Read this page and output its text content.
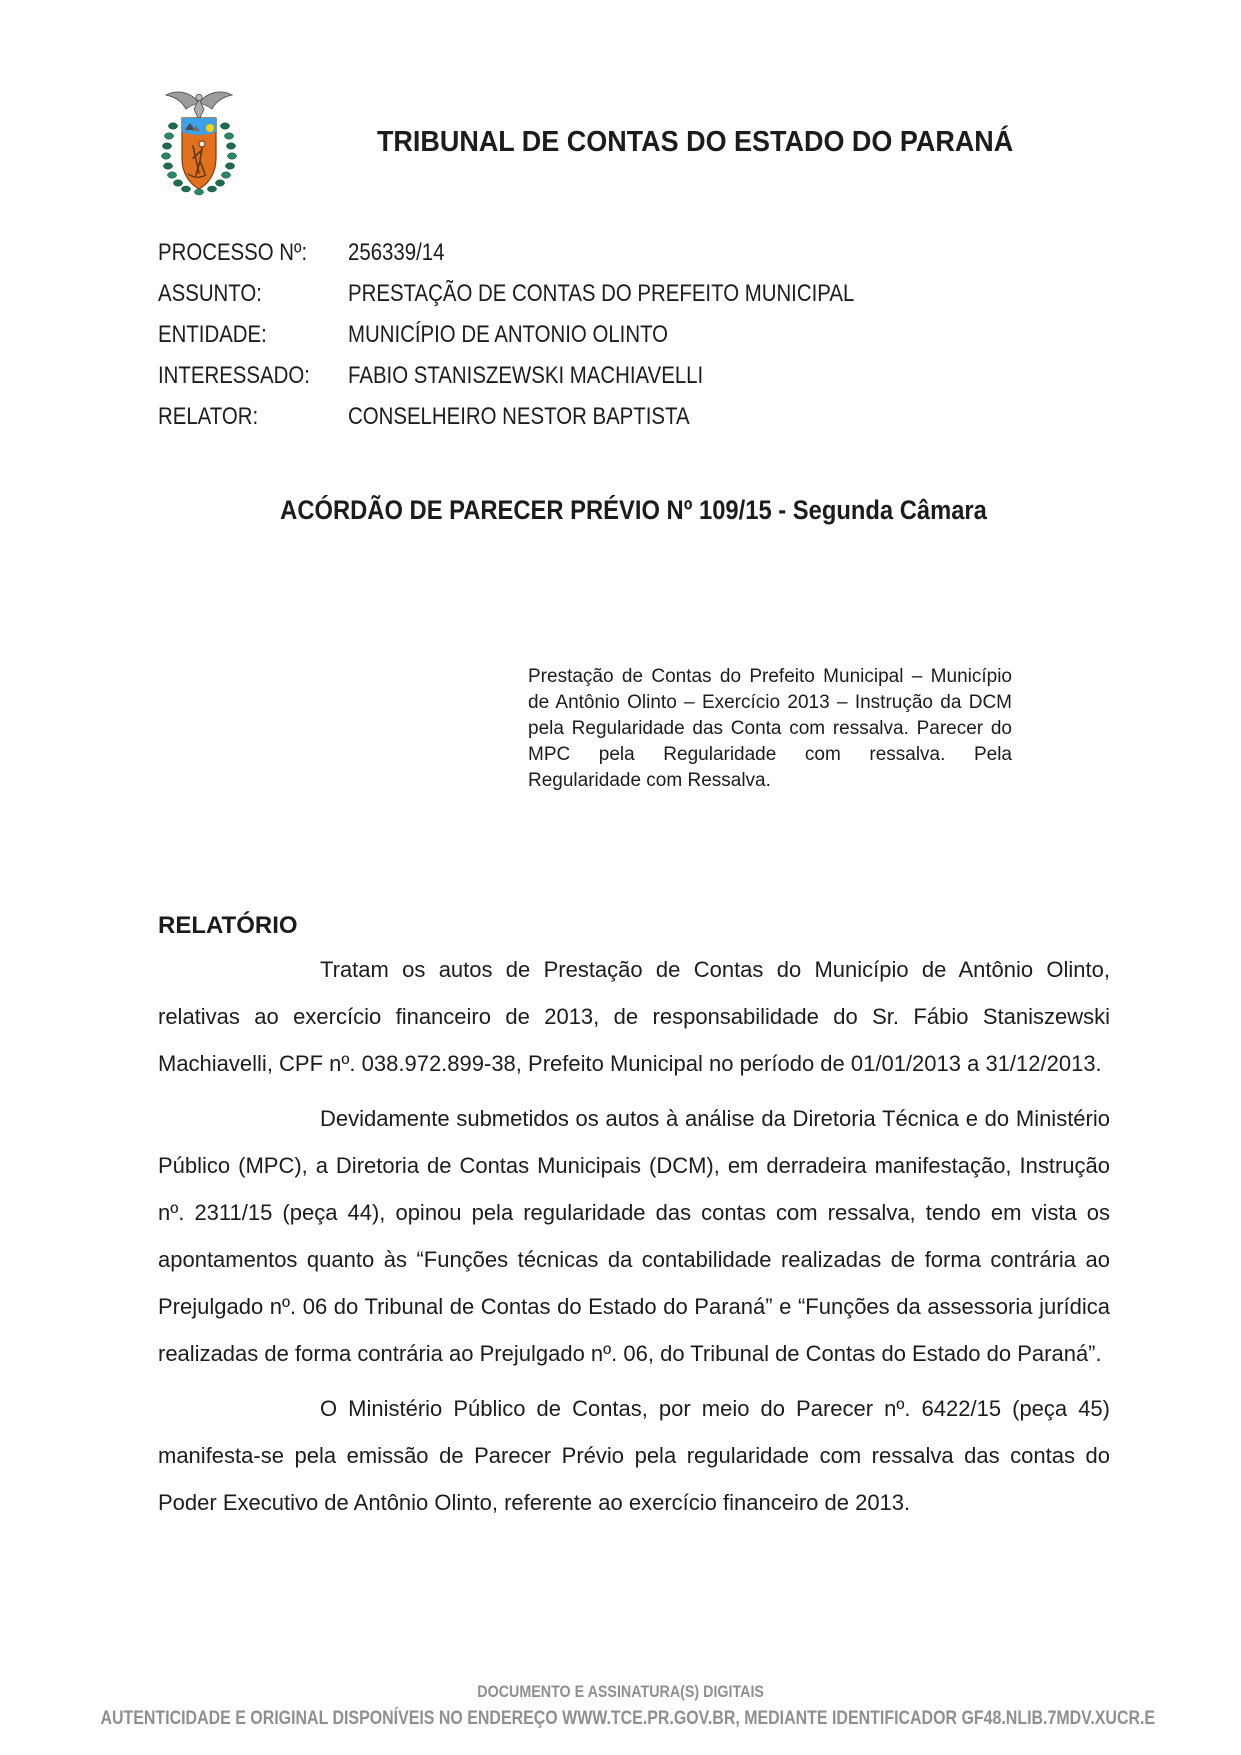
TRIBUNAL DE CONTAS DO ESTADO DO PARANÁ
PROCESSO Nº:	256339/14
ASSUNTO:	PRESTAÇÃO DE CONTAS DO PREFEITO MUNICIPAL
ENTIDADE:	MUNICÍPIO DE ANTONIO OLINTO
INTERESSADO:	FABIO STANISZEWSKI MACHIAVELLI
RELATOR:	CONSELHEIRO NESTOR BAPTISTA
ACÓRDÃO DE PARECER PRÉVIO Nº 109/15 - Segunda Câmara
Prestação de Contas do Prefeito Municipal – Município de Antônio Olinto – Exercício 2013 – Instrução da DCM pela Regularidade das Conta com ressalva. Parecer do MPC pela Regularidade com ressalva. Pela Regularidade com Ressalva.
RELATÓRIO

Tratam os autos de Prestação de Contas do Município de Antônio Olinto, relativas ao exercício financeiro de 2013, de responsabilidade do Sr. Fábio Staniszewski Machiavelli, CPF nº. 038.972.899-38, Prefeito Municipal no período de 01/01/2013 a 31/12/2013.

Devidamente submetidos os autos à análise da Diretoria Técnica e do Ministério Público (MPC), a Diretoria de Contas Municipais (DCM), em derradeira manifestação, Instrução nº. 2311/15 (peça 44), opinou pela regularidade das contas com ressalva, tendo em vista os apontamentos quanto às “Funções técnicas da contabilidade realizadas de forma contrária ao Prejulgado nº. 06 do Tribunal de Contas do Estado do Paraná” e “Funções da assessoria jurídica realizadas de forma contrária ao Prejulgado nº. 06, do Tribunal de Contas do Estado do Paraná”.

O Ministério Público de Contas, por meio do Parecer nº. 6422/15 (peça 45) manifesta-se pela emissão de Parecer Prévio pela regularidade com ressalva das contas do Poder Executivo de Antônio Olinto, referente ao exercício financeiro de 2013.

DOCUMENTO E ASSINATURA(S) DIGITAIS
AUTENTICIDADE E ORIGINAL DISPONÍVEIS NO ENDEREÇO WWW.TCE.PR.GOV.BR, MEDIANTE IDENTIFICADOR GF48.NLIB.7MDV.XUCR.E
